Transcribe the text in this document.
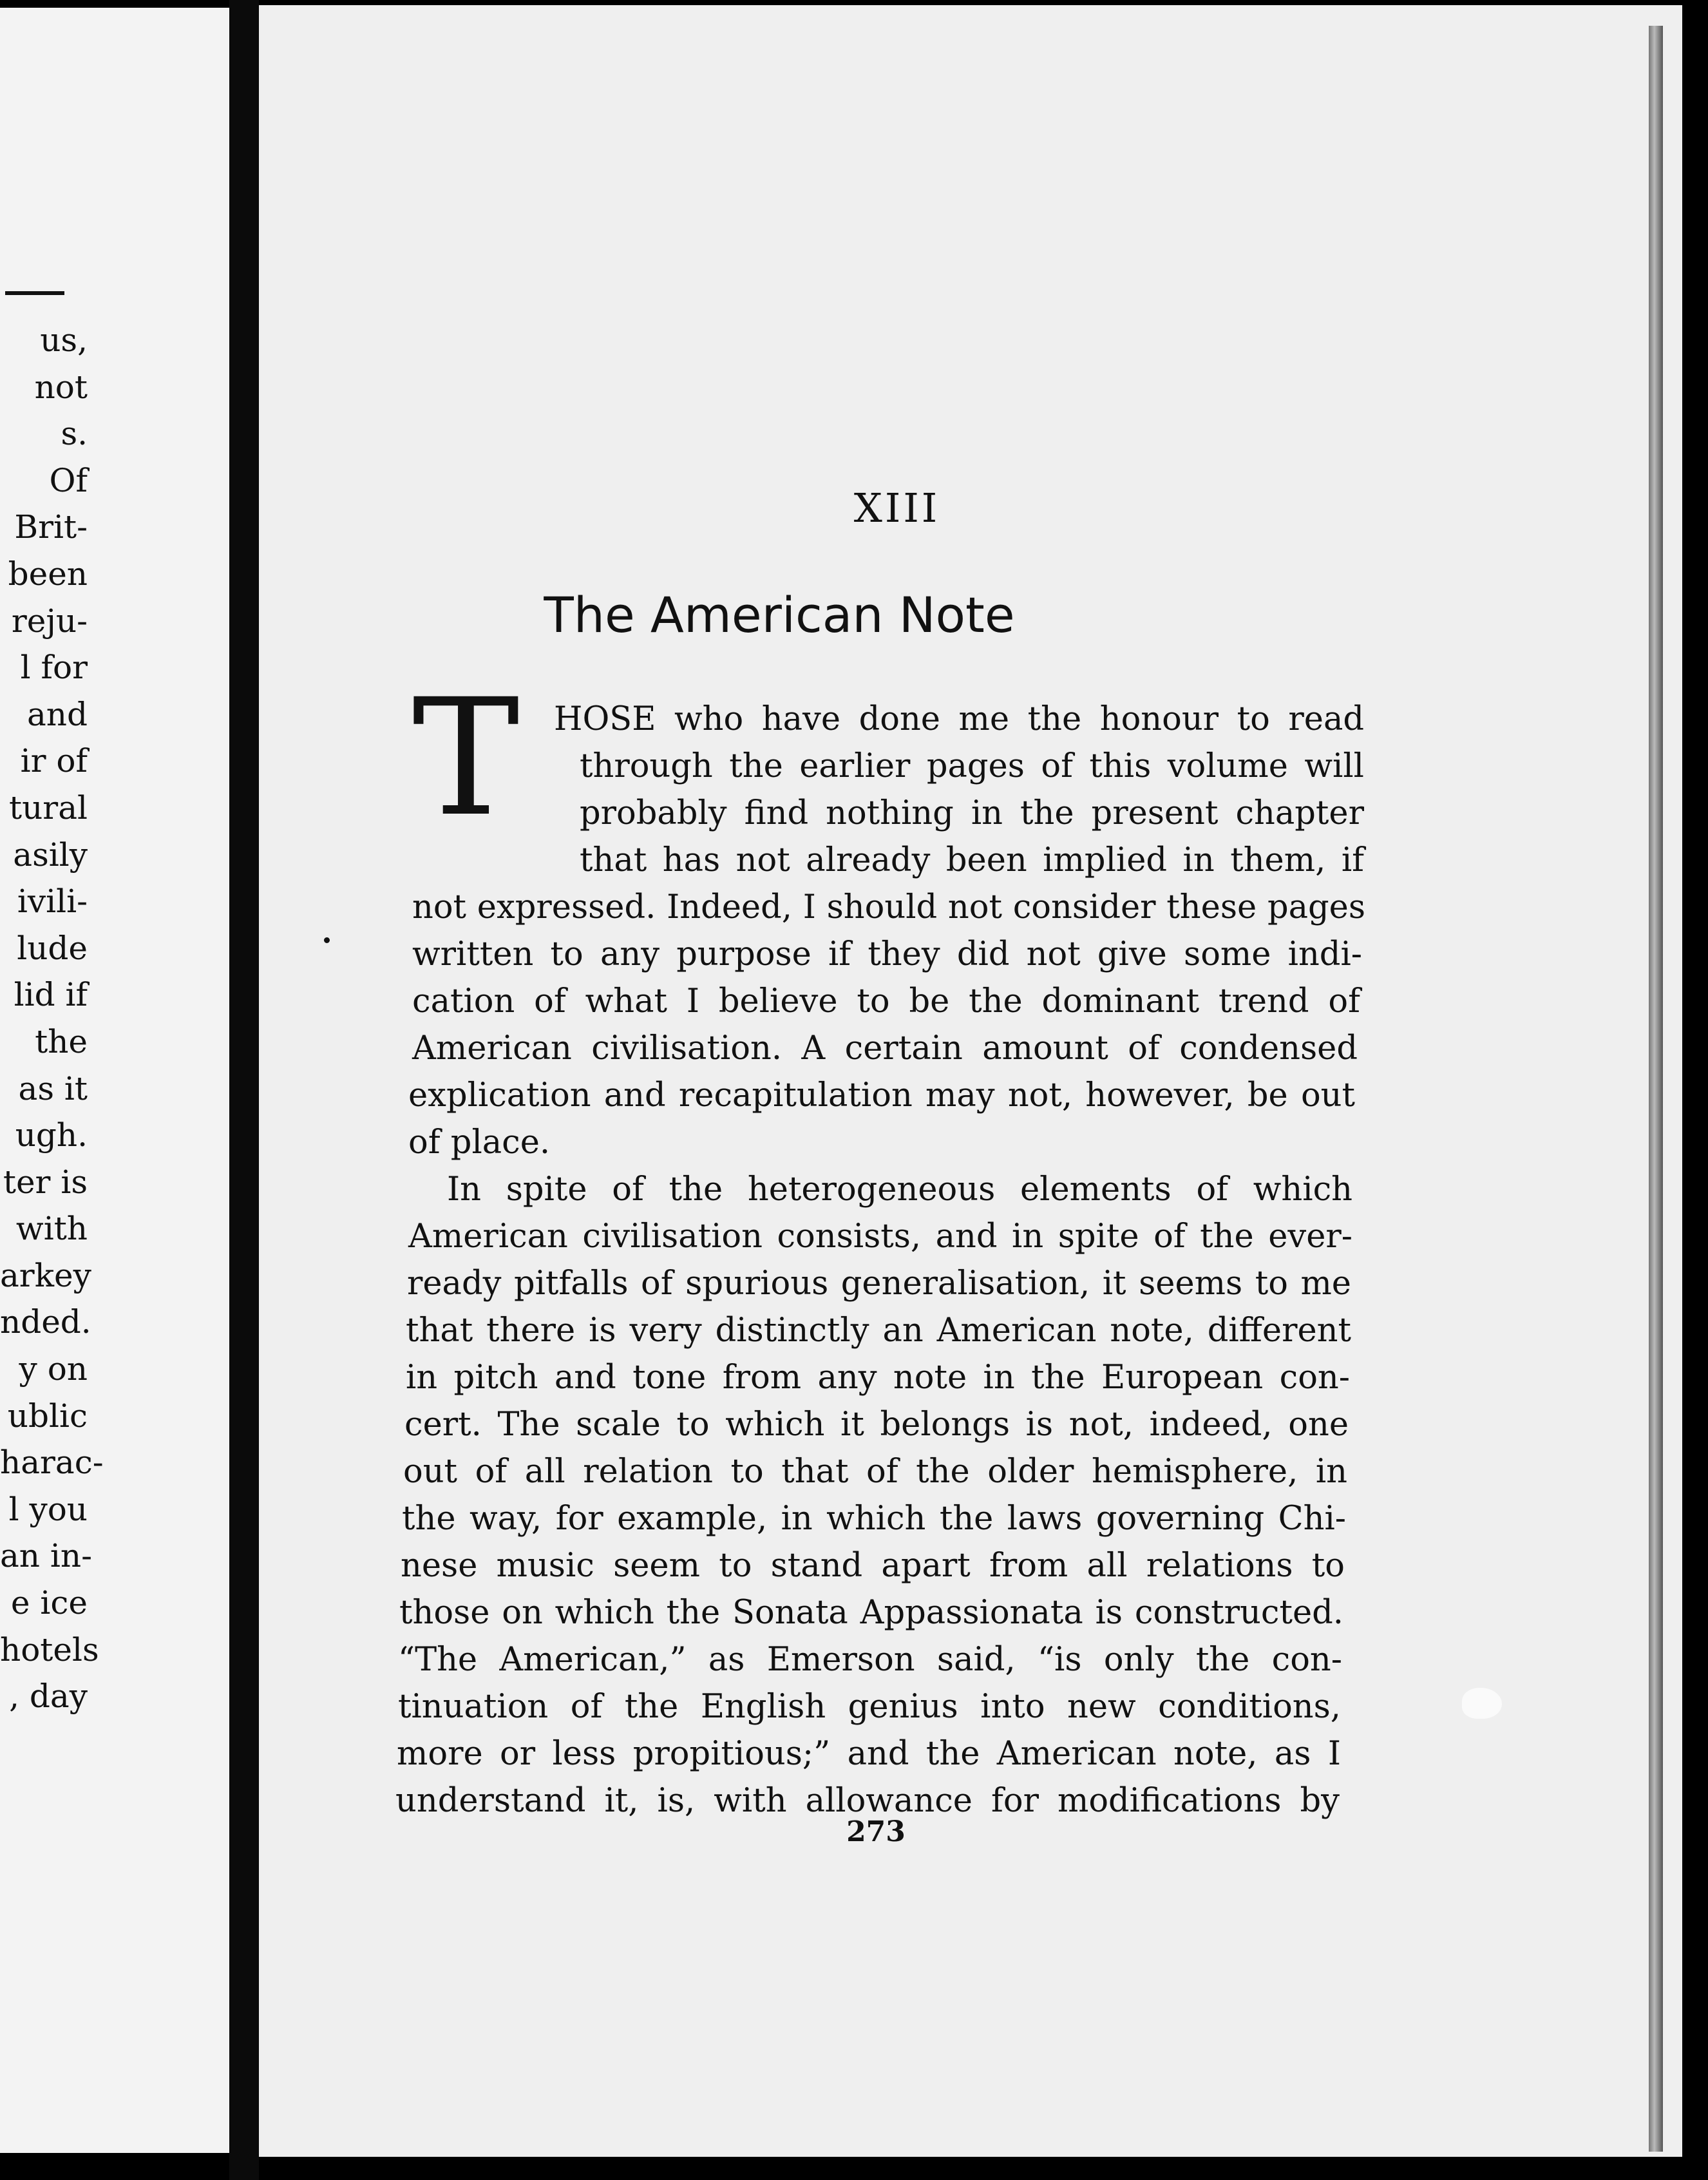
us,
not
s.
Of
Brit-
been
reju-
l for
and
ir of
tural
asily
ivili-
lude
lid if
the
as it
ugh.
ter is
with
arkey
nded.
y on
ublic
harac-
l you
an in-
e ice
hotels
, day
XIII
The American Note
T HOSE who have done me the honour to read
through the earlier pages of this volume will
probably find nothing in the present chapter
that has not already been implied in them, if
not expressed. Indeed, I should not consider these pages
written to any purpose if they did not give some indi-
cation of what I believe to be the dominant trend of
American civilisation. A certain amount of condensed
explication and recapitulation may not, however, be out
of place.
In spite of the heterogeneous elements of which
American civilisation consists, and in spite of the ever-
ready pitfalls of spurious generalisation, it seems to me
that there is very distinctly an American note, different
in pitch and tone from any note in the European con-
cert. The scale to which it belongs is not, indeed, one
out of all relation to that of the older hemisphere, in
the way, for example, in which the laws governing Chi-
nese music seem to stand apart from all relations to
those on which the Sonata Appassionata is constructed.
“The American,” as Emerson said, “is only the con-
tinuation of the English genius into new conditions,
more or less propitious;” and the American note, as I
understand it, is, with allowance for modifications by
273
